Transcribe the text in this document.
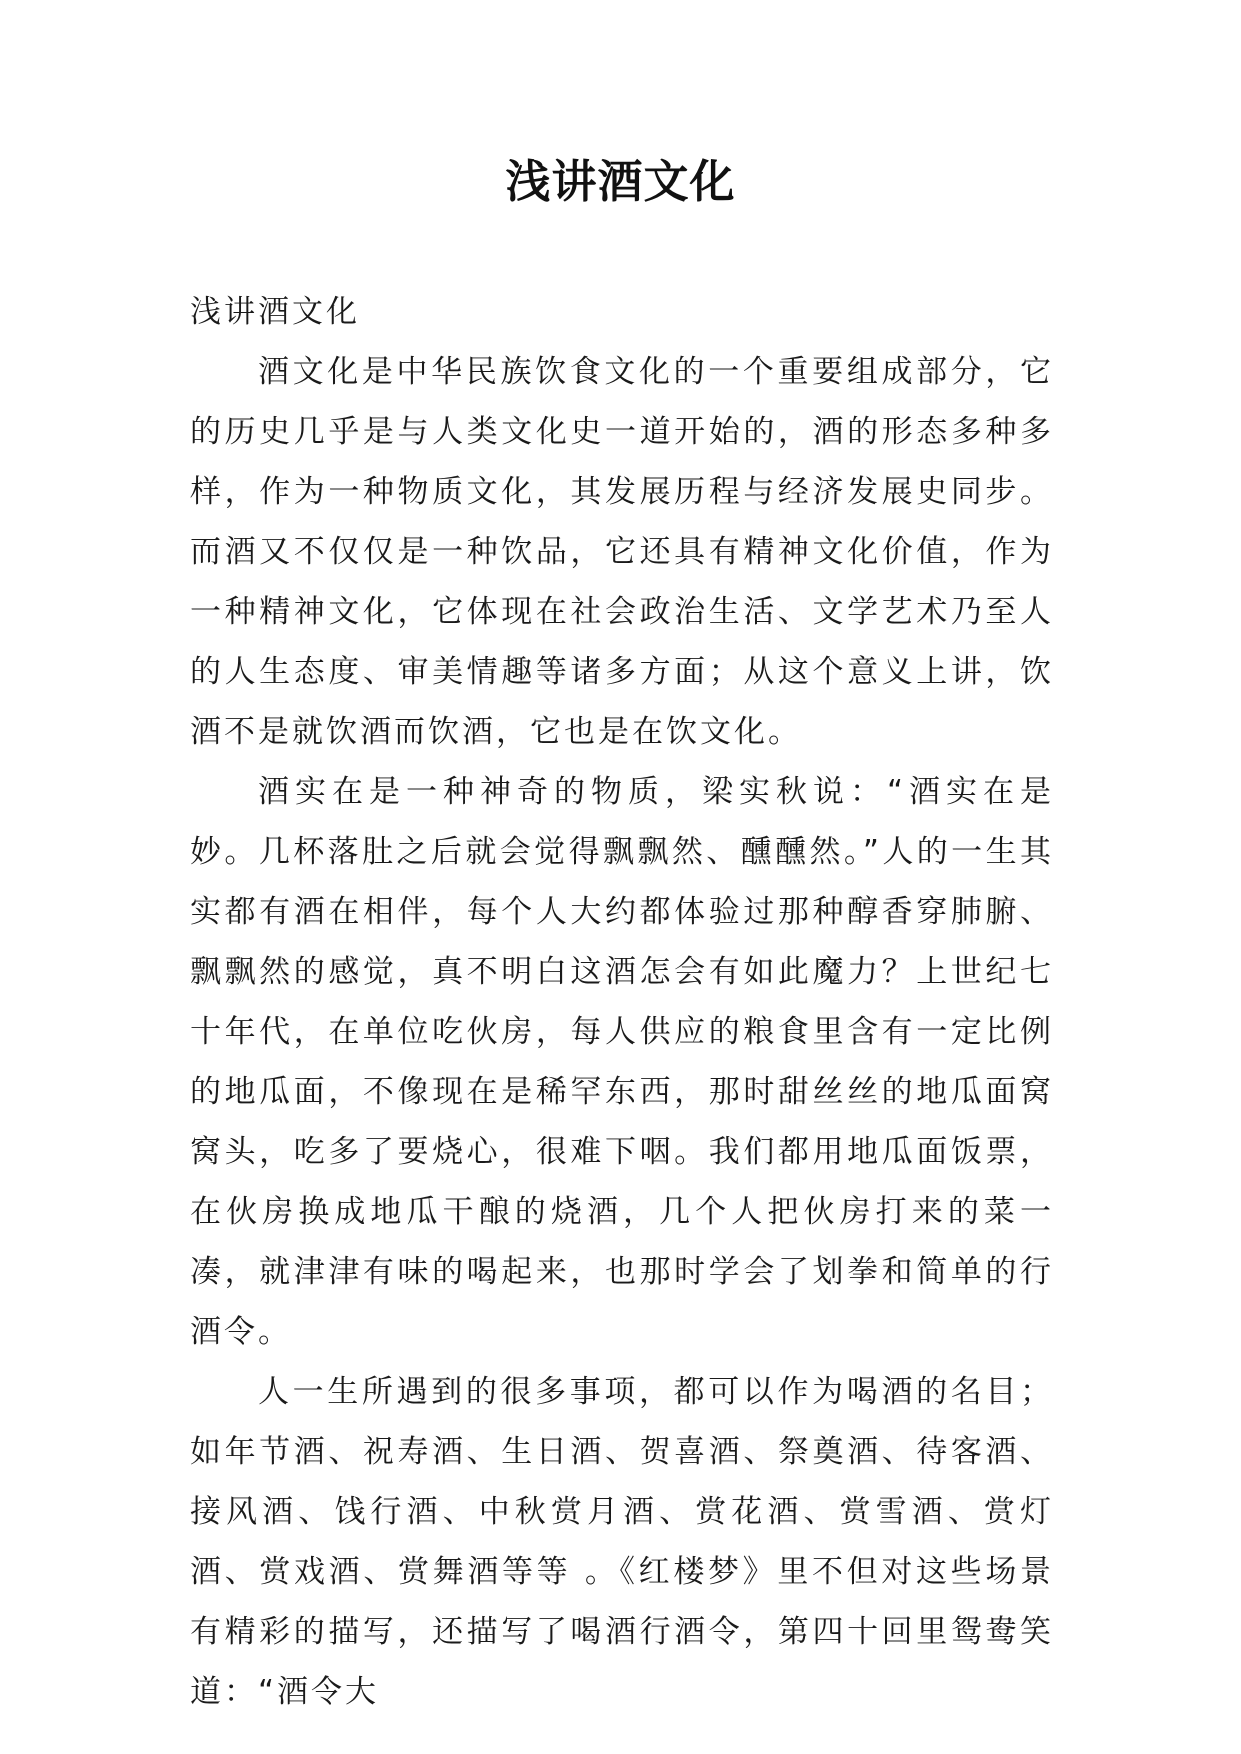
浅讲酒文化

浅讲酒文化

酒文化是中华民族饮食文化的一个重要组成部分，它的历史几乎是与人类文化史一道开始的，酒的形态多种多样，作为一种物质文化，其发展历程与经济发展史同步。而酒又不仅仅是一种饮品，它还具有精神文化价值，作为一种精神文化，它体现在社会政治生活、文学艺术乃至人的人生态度、审美情趣等诸多方面；从这个意义上讲，饮酒不是就饮酒而饮酒，它也是在饮文化。

酒实在是一种神奇的物质，梁实秋说：“酒实在是妙。几杯落肚之后就会觉得飘飘然、醺醺然。”人的一生其实都有酒在相伴，每个人大约都体验过那种醇香穿肺腑、飘飘然的感觉，真不明白这酒怎会有如此魔力？上世纪七十年代，在单位吃伙房，每人供应的粮食里含有一定比例的地瓜面，不像现在是稀罕东西，那时甜丝丝的地瓜面窝窝头，吃多了要烧心，很难下咽。我们都用地瓜面饭票，在伙房换成地瓜干酿的烧酒，几个人把伙房打来的菜一凑，就津津有味的喝起来，也那时学会了划拳和简单的行酒令。

人一生所遇到的很多事项，都可以作为喝酒的名目；如年节酒、祝寿酒、生日酒、贺喜酒、祭奠酒、待客酒、接风酒、饯行酒、中秋赏月酒、赏花酒、赏雪酒、赏灯酒、赏戏酒、赏舞酒等等 。《红楼梦》里不但对这些场景有精彩的描写，还描写了喝酒行酒令，第四十回里鸳鸯笑道：“酒令大
